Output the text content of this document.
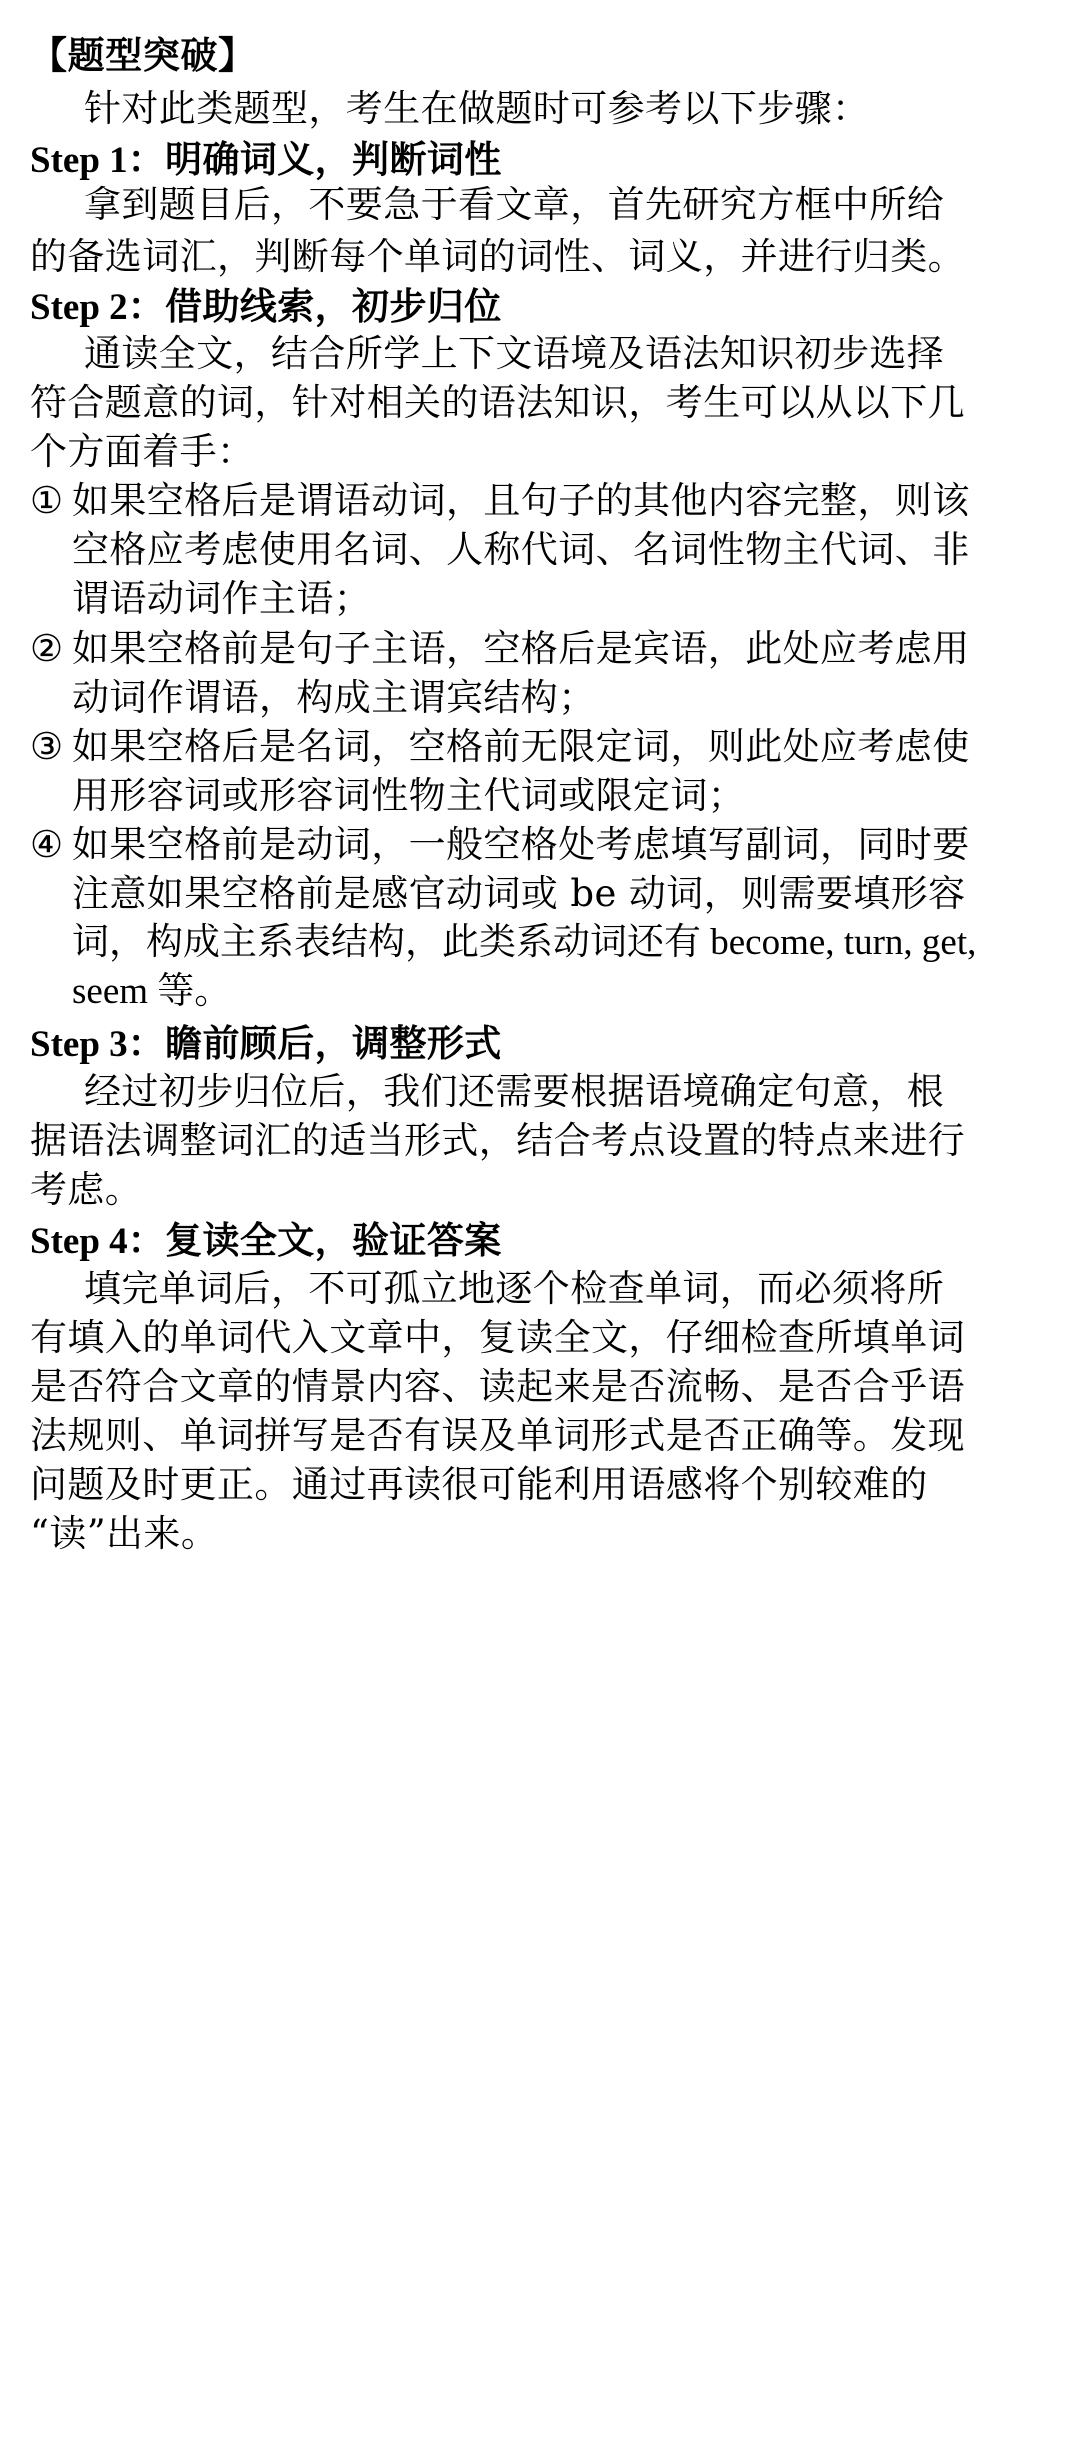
【题型突破】
针对此类题型，考生在做题时可参考以下步骤：
Step 1：明确词义，判断词性
拿到题目后，不要急于看文章，首先研究方框中所给
的备选词汇，判断每个单词的词性、词义，并进行归类。
Step 2：借助线索，初步归位
通读全文，结合所学上下文语境及语法知识初步选择
符合题意的词，针对相关的语法知识，考生可以从以下几
个方面着手：
① 如果空格后是谓语动词，且句子的其他内容完整，则该
空格应考虑使用名词、人称代词、名词性物主代词、非
谓语动词作主语；
② 如果空格前是句子主语，空格后是宾语，此处应考虑用
动词作谓语，构成主谓宾结构；
③ 如果空格后是名词，空格前无限定词，则此处应考虑使
用形容词或形容词性物主代词或限定词；
④ 如果空格前是动词，一般空格处考虑填写副词，同时要
注意如果空格前是感官动词或 be 动词，则需要填形容
词，构成主系表结构，此类系动词还有 become, turn, get,
seem 等。
Step 3：瞻前顾后，调整形式
经过初步归位后，我们还需要根据语境确定句意，根
据语法调整词汇的适当形式，结合考点设置的特点来进行
考虑。
Step 4：复读全文，验证答案
填完单词后，不可孤立地逐个检查单词，而必须将所
有填入的单词代入文章中，复读全文，仔细检查所填单词
是否符合文章的情景内容、读起来是否流畅、是否合乎语
法规则、单词拼写是否有误及单词形式是否正确等。发现
问题及时更正。通过再读很可能利用语感将个别较难的
“读”出来。
